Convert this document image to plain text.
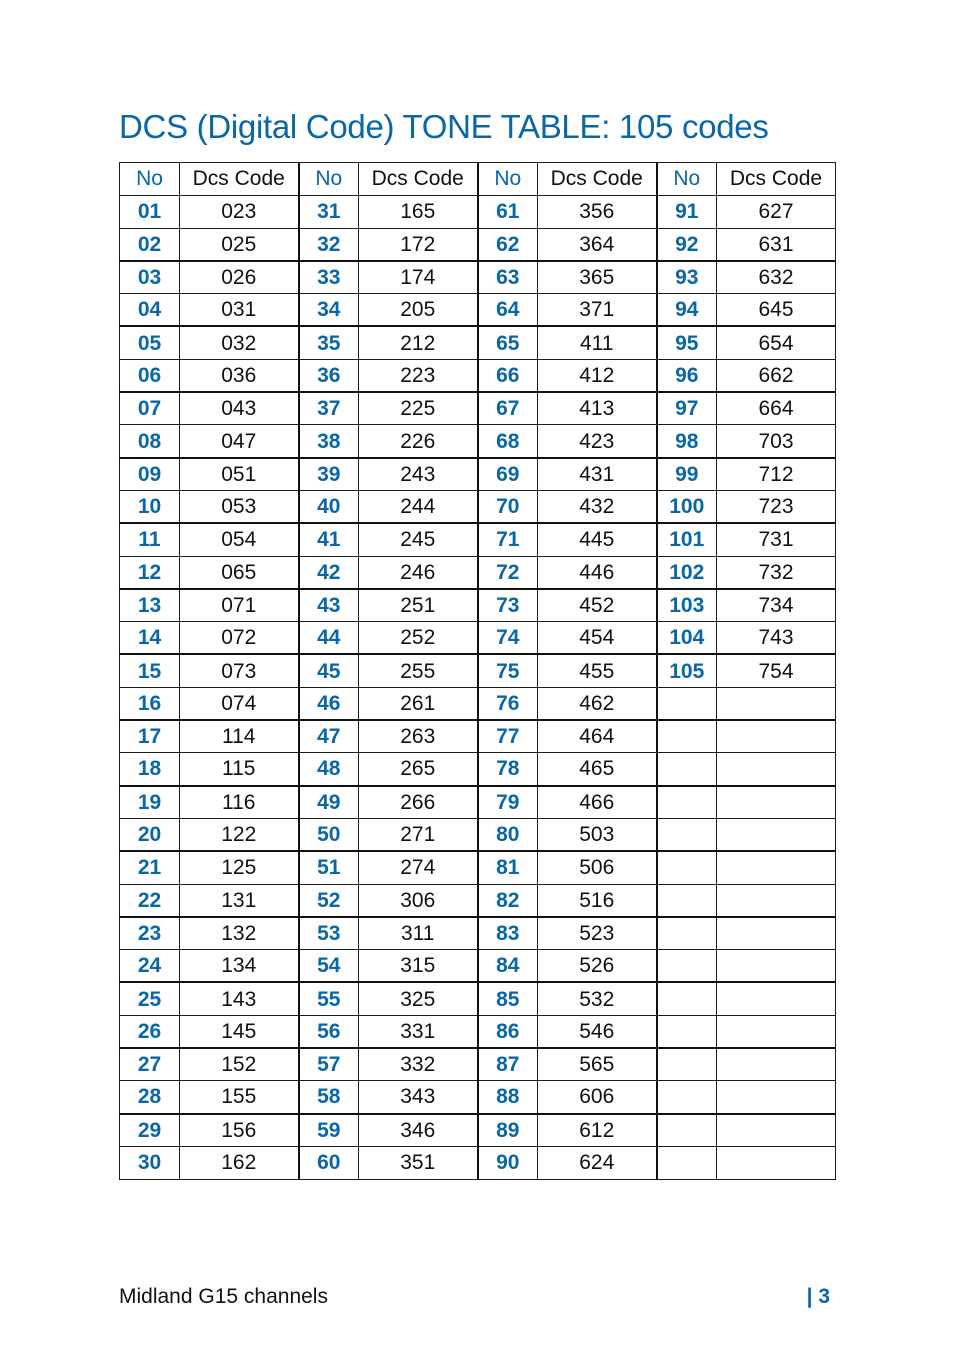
DCS (Digital Code) TONE TABLE: 105 codes
No	Dcs Code	No	Dcs Code	No	Dcs Code	No	Dcs Code
01	023	31	165	61	356	91	627
02	025	32	172	62	364	92	631
03	026	33	174	63	365	93	632
04	031	34	205	64	371	94	645
05	032	35	212	65	411	95	654
06	036	36	223	66	412	96	662
07	043	37	225	67	413	97	664
08	047	38	226	68	423	98	703
09	051	39	243	69	431	99	712
10	053	40	244	70	432	100	723
11	054	41	245	71	445	101	731
12	065	42	246	72	446	102	732
13	071	43	251	73	452	103	734
14	072	44	252	74	454	104	743
15	073	45	255	75	455	105	754
16	074	46	261	76	462		
17	114	47	263	77	464		
18	115	48	265	78	465		
19	116	49	266	79	466		
20	122	50	271	80	503		
21	125	51	274	81	506		
22	131	52	306	82	516		
23	132	53	311	83	523		
24	134	54	315	84	526		
25	143	55	325	85	532		
26	145	56	331	86	546		
27	152	57	332	87	565		
28	155	58	343	88	606		
29	156	59	346	89	612		
30	162	60	351	90	624		
Midland G15 channels	| 3
